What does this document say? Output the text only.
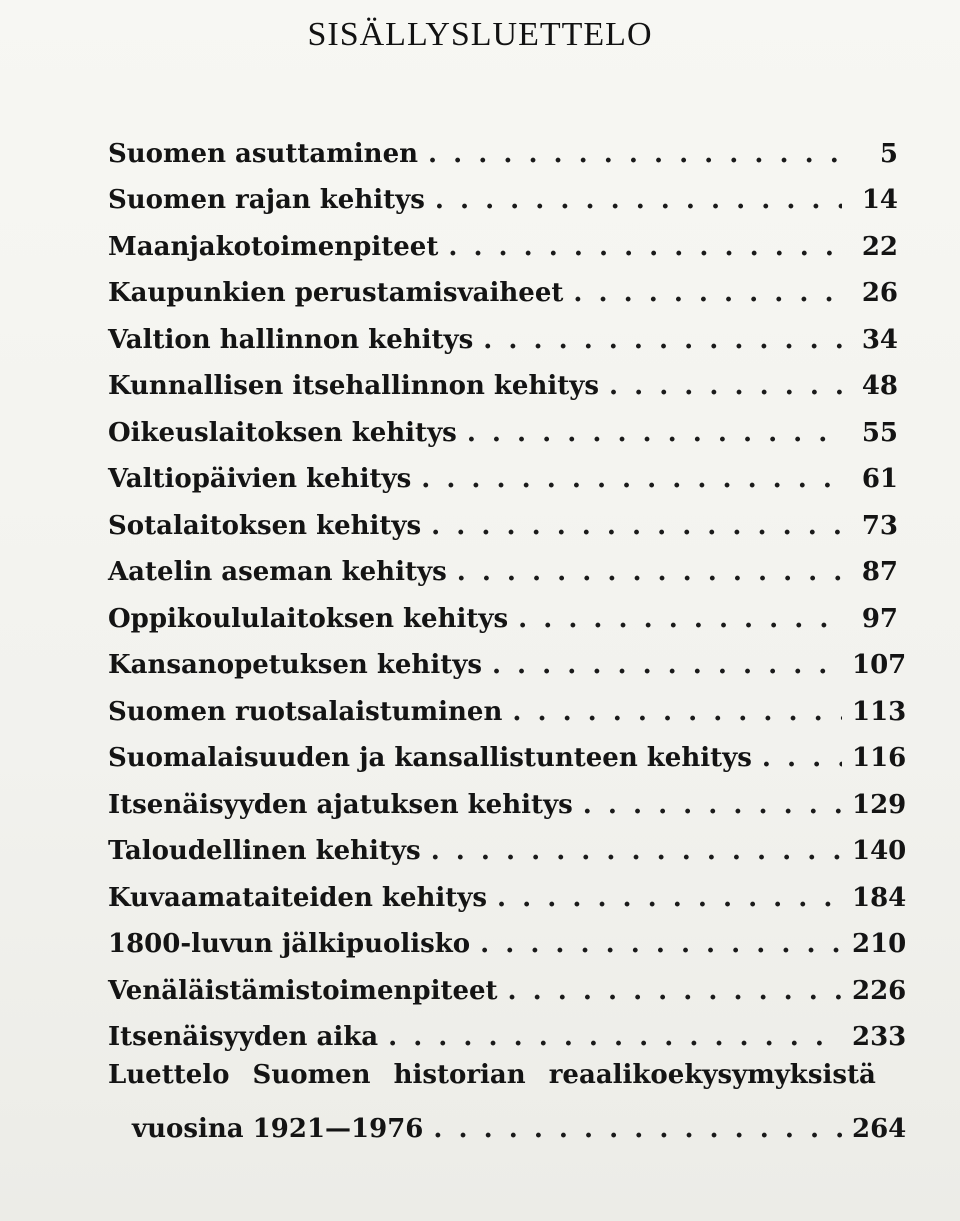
SISÄLLYSLUETTELO
Suomen asuttaminen . . .	5
Suomen rajan kehitys . . .	14
Maanjakotoimenpiteet . . .	22
Kaupunkien perustamisvaiheet . . .	26
Valtion hallinnon kehitys . . .	34
Kunnallisen itsehallinnon kehitys . . .	48
Oikeuslaitoksen kehitys . . .	55
Valtiopäivien kehitys . . .	61
Sotalaitoksen kehitys . . .	73
Aatelin aseman kehitys . . .	87
Oppikoululaitoksen kehitys . . .	97
Kansanopetuksen kehitys . . .	107
Suomen ruotsalaistuminen . . .	113
Suomalaisuuden ja kansallistunteen kehitys . . .	116
Itsenäisyyden ajatuksen kehitys . . .	129
Taloudellinen kehitys . . .	140
Kuvaamataiteiden kehitys . . .	184
1800-luvun jälkipuolisko . . .	210
Venäläistämistoimenpiteet . . .	226
Itsenäisyyden aika . . .	233
Luettelo Suomen historian reaalikoekysymyksistä
vuosina 1921—1976 . . .	264
